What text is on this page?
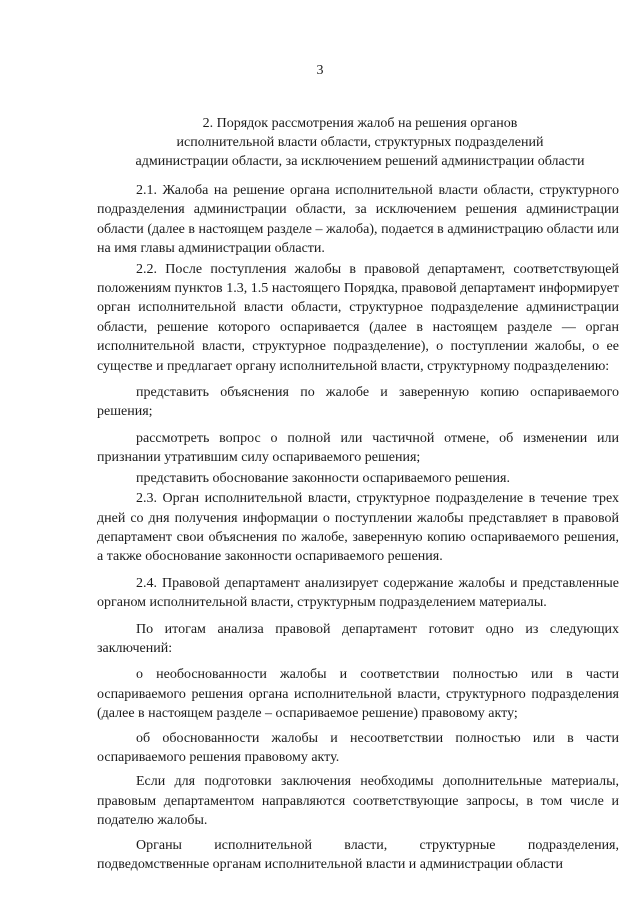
3
2. Порядок рассмотрения жалоб на решения органов
исполнительной власти области, структурных подразделений
администрации области, за исключением решений администрации области

2.1. Жалоба на решение органа исполнительной власти области, структурного подразделения администрации области, за исключением решения администрации области (далее в настоящем разделе – жалоба), подается в администрацию области или на имя главы администрации области.

2.2. После поступления жалобы в правовой департамент, соответствующей положениям пунктов 1.3, 1.5 настоящего Порядка, правовой департамент информирует орган исполнительной власти области, структурное подразделение администрации области, решение которого оспаривается (далее в настоящем разделе — орган исполнительной власти, структурное подразделение), о поступлении жалобы, о ее существе и предлагает органу исполнительной власти, структурному подразделению:

представить объяснения по жалобе и заверенную копию оспариваемого решения;

рассмотреть вопрос о полной или частичной отмене, об изменении или признании утратившим силу оспариваемого решения;

представить обоснование законности оспариваемого решения.

2.3. Орган исполнительной власти, структурное подразделение в течение трех дней со дня получения информации о поступлении жалобы представляет в правовой департамент свои объяснения по жалобе, заверенную копию оспариваемого решения, а также обоснование законности оспариваемого решения.

2.4. Правовой департамент анализирует содержание жалобы и представленные органом исполнительной власти, структурным подразделением материалы.

По итогам анализа правовой департамент готовит одно из следующих заключений:

о необоснованности жалобы и соответствии полностью или в части оспариваемого решения органа исполнительной власти, структурного подразделения (далее в настоящем разделе – оспариваемое решение) правовому акту;

об обоснованности жалобы и несоответствии полностью или в части оспариваемого решения правовому акту.

Если для подготовки заключения необходимы дополнительные материалы, правовым департаментом направляются соответствующие запросы, в том числе и подателю жалобы.

Органы исполнительной власти, структурные подразделения, подведомственные органам исполнительной власти и администрации области
